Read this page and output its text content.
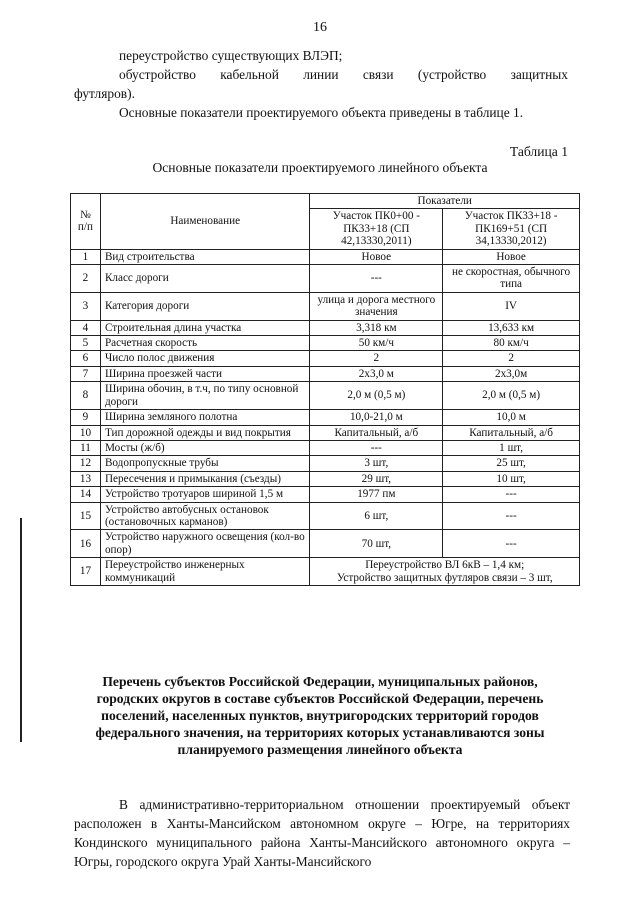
16

переустройство существующих ВЛЭП;

обустройство кабельной линии связи (устройство защитных

футляров).

Основные показатели проектируемого объекта приведены в таблице 1.

Таблица 1
Основные показатели проектируемого линейного объекта
№ п/п	Наименование	Показатели	
		Участок ПК0+00 - ПК33+18 (СП 42,13330,2011)	Участок ПК33+18 - ПК169+51 (СП 34,13330,2012)
1	Вид строительства	Новое	Новое
2	Класс дороги	---	не скоростная, обычного типа
3	Категория дороги	улица и дорога местного значения	IV
4	Строительная длина участка	3,318 км	13,633 км
5	Расчетная скорость	50 км/ч	80 км/ч
6	Число полос движения	2	2
7	Ширина проезжей части	2х3,0 м	2х3,0м
8	Ширина обочин, в т.ч, по типу основной дороги	2,0 м (0,5 м)	2,0 м (0,5 м)
9	Ширина земляного полотна	10,0-21,0 м	10,0 м
10	Тип дорожной одежды и вид покрытия	Капитальный, а/б	Капитальный, а/б
11	Мосты (ж/б)	---	1 шт,
12	Водопропускные трубы	3 шт,	25 шт,
13	Пересечения и примыкания (съезды)	29 шт,	10 шт,
14	Устройство тротуаров шириной 1,5 м	1977 пм	---
15	Устройство автобусных остановок (остановочных карманов)	6 шт,	---
16	Устройство наружного освещения (кол-во опор)	70 шт,	---
17	Переустройство инженерных коммуникаций	Переустройство ВЛ 6кВ – 1,4 км;
Устройство защитных футляров связи – 3 шт,	
Перечень субъектов Российской Федерации, муниципальных районов, городских округов в составе субъектов Российской Федерации, перечень поселений, населенных пунктов, внутригородских территорий городов федерального значения, на территориях которых устанавливаются зоны планируемого размещения линейного объекта

В административно-территориальном отношении проектируемый объект расположен в Ханты-Мансийском автономном округе – Югре, на территориях Кондинского муниципального района Ханты-Мансийского автономного округа – Югры, городского округа Урай Ханты-Мансийского
